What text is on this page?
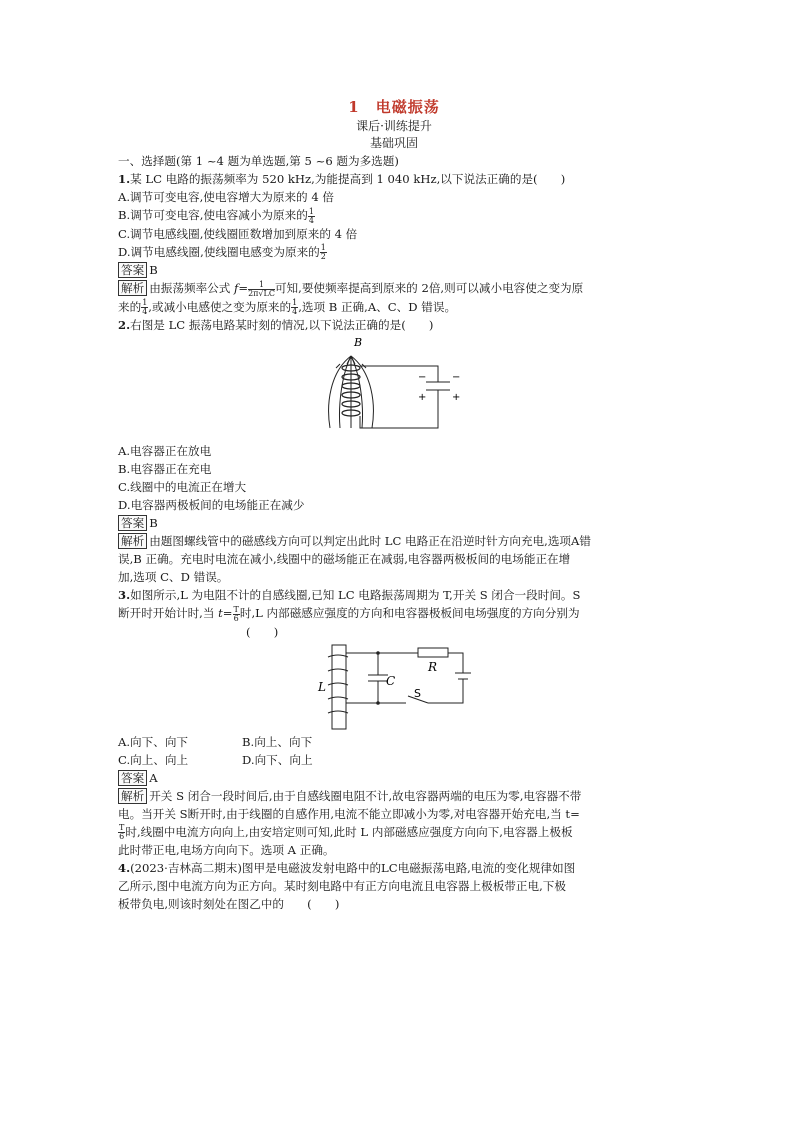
1　电磁振荡
课后·训练提升
基础巩固
一、选择题(第 1 ~4 题为单选题,第 5 ~6 题为多选题)
1.某 LC 电路的振荡频率为 520 kHz,为能提高到 1 040 kHz,以下说法正确的是(　　)
A.调节可变电容,使电容增大为原来的 4 倍
B.调节可变电容,使电容减小为原来的 $\frac{1}{4}$
C.调节电感线圈,使线圈匝数增加到原来的 4 倍
D.调节电感线圈,使线圈电感变为原来的 $\frac{1}{2}$
答案 B
解析 由振荡频率公式 $f= \frac{1}{2\pi√LC}$ 可知,要使频率提高到原来的 2倍,则可以减小电容使之变为原
来的 $\frac{1}{4}$ ,或减小电感使之变为原来的 $\frac{1}{4}$ ,选项 B 正确,A、C、D 错误。
2.右图是 LC 振荡电路某时刻的情况,以下说法正确的是(　　)
B
−	−
+	+
A.电容器正在放电
B.电容器正在充电
C.线圈中的电流正在增大
D.电容器两极板间的电场能正在减少
答案 B
解析 由题图螺线管中的磁感线方向可以判定出此时 LC 电路正在沿逆时针方向充电,选项A错
误,B 正确。充电时电流在减小,线圈中的磁场能正在减弱,电容器两极板间的电场能正在增
加,选项 C、D 错误。
3.如图所示,L 为电阻不计的自感线圈,已知 LC 电路振荡周期为 T,开关 S 闭合一段时间。S
断开时开始计时,当 $t= \frac{T}{6}$ 时,L 内部磁感应强度的方向和电容器极板间电场强度的方向分别为
(　　)
L	C
R
S
A.向下、向下	B.向上、向下
C.向上、向上	D.向下、向上
答案 A
解析 开关 S 闭合一段时间后,由于自感线圈电阻不计,故电容器两端的电压为零,电容器不带
电。当开关 S断开时,由于线圈的自感作用,电流不能立即减小为零,对电容器开始充电,当 t=
$\frac{T}{6}$ 时,线圈中电流方向向上,由安培定则可知,此时 L 内部磁感应强度方向向下,电容器上极板
此时带正电,电场方向向下。选项 A 正确。
4.(2023·吉林高二期末)图甲是电磁波发射电路中的LC电磁振荡电路,电流的变化规律如图
乙所示,图中电流方向为正方向。某时刻电路中有正方向电流且电容器上极板带正电,下极
板带负电,则该时刻处在图乙中的　　(　　)
